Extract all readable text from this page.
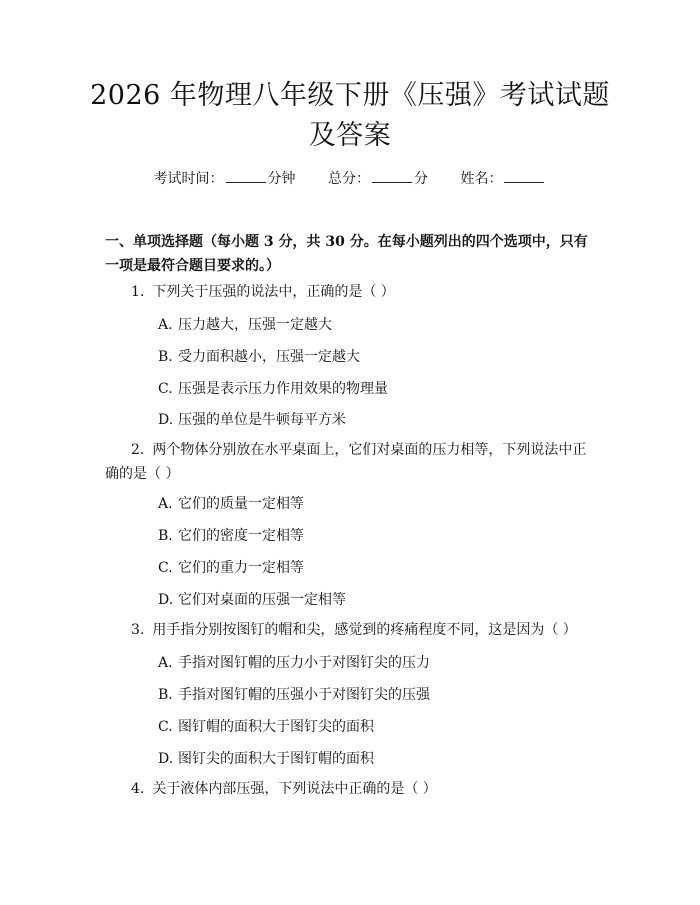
2026 年物理八年级下册《压强》考试试题及答案
考试时间：	分钟 总分：	分 姓名：
一、单项选择题（每小题 3 分，共 30 分。在每小题列出的四个选项中，只有一项是最符合题目要求的。）
1. 下列关于压强的说法中，正确的是（ ）
A. 压力越大，压强一定越大
B. 受力面积越小，压强一定越大
C. 压强是表示压力作用效果的物理量
D. 压强的单位是牛顿每平方米
2. 两个物体分别放在水平桌面上，它们对桌面的压力相等，下列说法中正确的是（ ）
A. 它们的质量一定相等
B. 它们的密度一定相等
C. 它们的重力一定相等
D. 它们对桌面的压强一定相等
3. 用手指分别按图钉的帽和尖，感觉到的疼痛程度不同，这是因为（ ）
A. 手指对图钉帽的压力小于对图钉尖的压力
B. 手指对图钉帽的压强小于对图钉尖的压强
C. 图钉帽的面积大于图钉尖的面积
D. 图钉尖的面积大于图钉帽的面积
4. 关于液体内部压强，下列说法中正确的是（ ）
